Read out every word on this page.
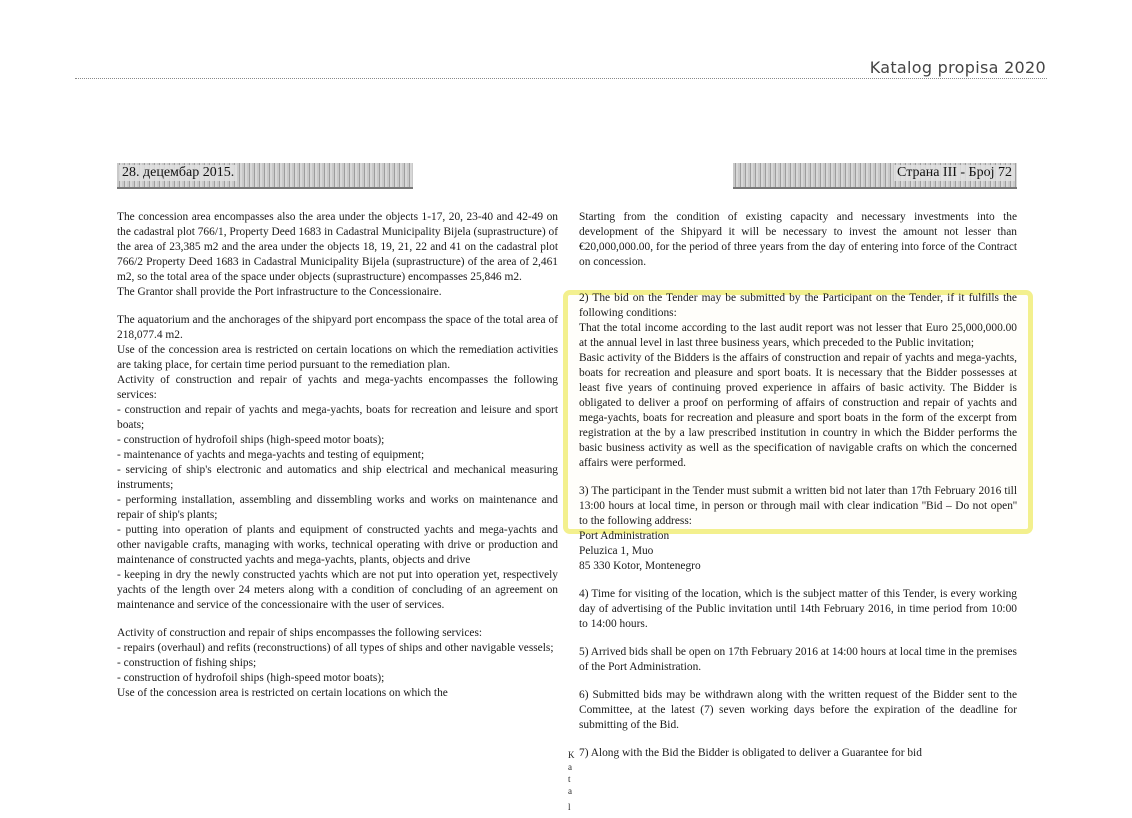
Katalog propisa 2020
28. децембар 2015.	Страна III - Број 72

The concession area encompasses also the area under the objects 1-17, 20, 23-40 and 42-49 on the cadastral plot 766/1, Property Deed 1683 in Cadastral Municipality Bijela (suprastructure) of the area of 23,385 m2 and the area under the objects 18, 19, 21, 22 and 41 on the cadastral plot 766/2 Property Deed 1683 in Cadastral Municipality Bijela (suprastructure) of the area of 2,461 m2, so the total area of the space under objects (suprastructure) encompasses 25,846 m2.

The Grantor shall provide the Port infrastructure to the Concessionaire.

The aquatorium and the anchorages of the shipyard port encompass the space of the total area of 218,077.4 m2.

Use of the concession area is restricted on certain locations on which the remediation activities are taking place, for certain time period pursuant to the remediation plan.

Activity of construction and repair of yachts and mega-yachts encompasses the following services:

- construction and repair of yachts and mega-yachts, boats for recreation and leisure and sport boats;

- construction of hydrofoil ships (high-speed motor boats);

- maintenance of yachts and mega-yachts and testing of equipment;

- servicing of ship's electronic and automatics and ship electrical and mechanical measuring instruments;

- performing installation, assembling and dissembling works and works on maintenance and repair of ship's plants;

- putting into operation of plants and equipment of constructed yachts and mega-yachts and other navigable crafts, managing with works, technical operating with drive or production and maintenance of constructed yachts and mega-yachts, plants, objects and drive

- keeping in dry the newly constructed yachts which are not put into operation yet, respectively yachts of the length over 24 meters along with a condition of concluding of an agreement on maintenance and service of the concessionaire with the user of services.

Activity of construction and repair of ships encompasses the following services:

- repairs (overhaul) and refits (reconstructions) of all types of ships and other navigable vessels;

- construction of fishing ships;

- construction of hydrofoil ships (high-speed motor boats);

Use of the concession area is restricted on certain locations on which the

Starting from the condition of existing capacity and necessary investments into the development of the Shipyard it will be necessary to invest the amount not lesser than €20,000,000.00, for the period of three years from the day of entering into force of the Contract on concession.

2) The bid on the Tender may be submitted by the Participant on the Tender, if it fulfills the following conditions:

That the total income according to the last audit report was not lesser that Euro 25,000,000.00 at the annual level in last three business years, which preceded to the Public invitation;

Basic activity of the Bidders is the affairs of construction and repair of yachts and mega-yachts, boats for recreation and pleasure and sport boats. It is necessary that the Bidder possesses at least five years of continuing proved experience in affairs of basic activity. The Bidder is obligated to deliver a proof on performing of affairs of construction and repair of yachts and mega-yachts, boats for recreation and pleasure and sport boats in the form of the excerpt from registration at the by a law prescribed institution in country in which the Bidder performs the basic business activity as well as the specification of navigable crafts on which the concerned affairs were performed.

3) The participant in the Tender must submit a written bid not later than 17th February 2016 till 13:00 hours at local time, in person or through mail with clear indication ''Bid – Do not open'' to the following address:

Port Administration

Peluzica 1, Muo

85 330 Kotor, Montenegro

4) Time for visiting of the location, which is the subject matter of this Tender, is every working day of advertising of the Public invitation until 14th February 2016, in time period from 10:00 to 14:00 hours.

5) Arrived bids shall be open on 17th February 2016 at 14:00 hours at local time in the premises of the Port Administration.

6) Submitted bids may be withdrawn along with the written request of the Bidder sent to the Committee, at the latest (7) seven working days before the expiration of the deadline for submitting of the Bid.

7) Along with the Bid the Bidder is obligated to deliver a Guarantee for bid

K
a
t
a
l
